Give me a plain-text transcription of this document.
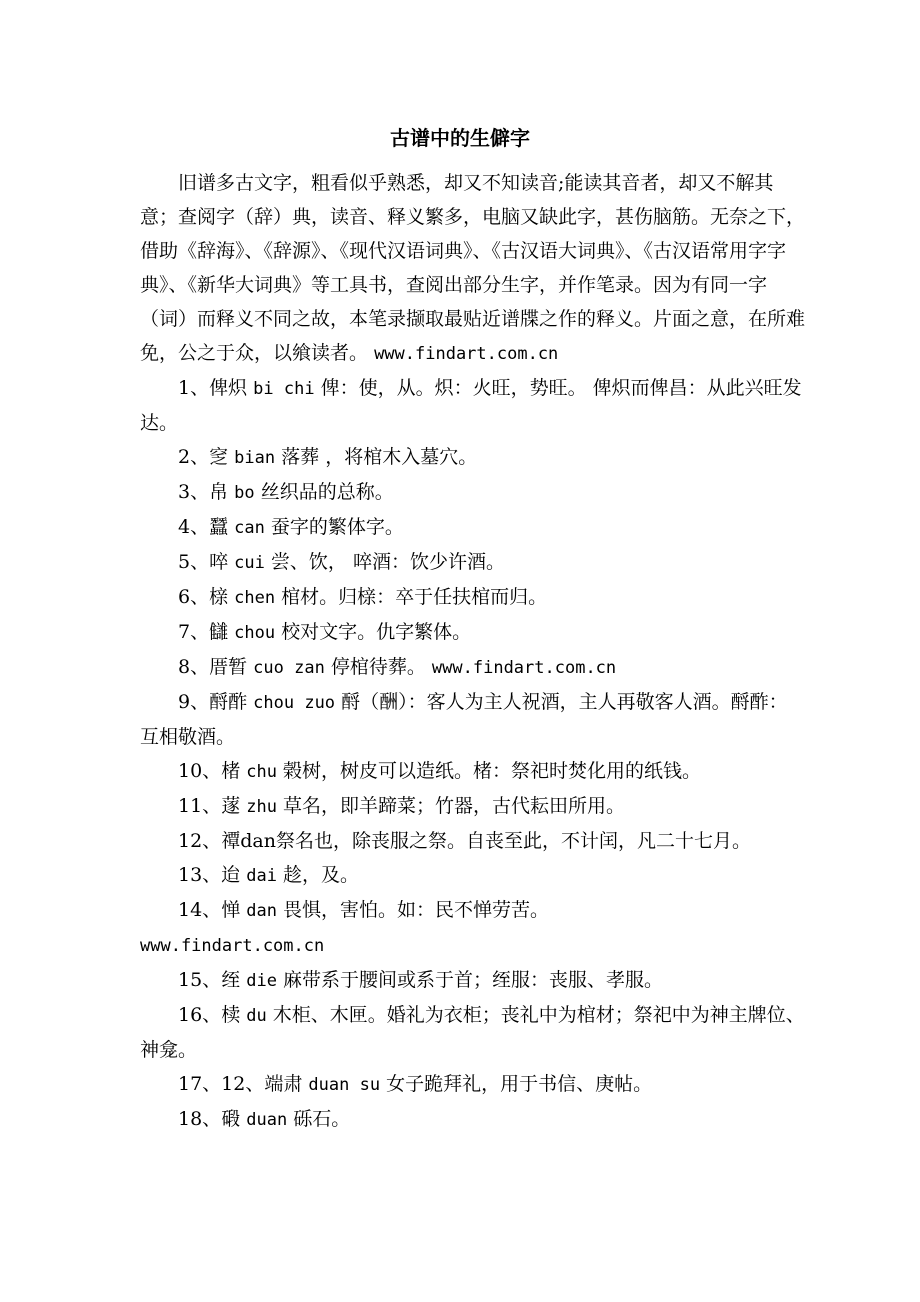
古谱中的生僻字

旧谱多古文字，粗看似乎熟悉，却又不知读音;能读其音者，却又不解其意；查阅字（辞）典，读音、释义繁多，电脑又缺此字，甚伤脑筋。无奈之下，借助《辞海》、《辞源》、《现代汉语词典》、《古汉语大词典》、《古汉语常用字字典》、《新华大词典》等工具书，查阅出部分生字，并作笔录。因为有同一字（词）而释义不同之故，本笔录撷取最贴近谱牒之作的释义。片面之意，在所难免，公之于众，以飨读者。 www.findart.com.cn

1、俾炽 bi chi 俾：使，从。炽：火旺，势旺。 俾炽而俾昌：从此兴旺发达。

2、窆 bian 落葬 ，将棺木入墓穴。

3、帛 bo 丝织品的总称。

4、蠶 can 蚕字的繁体字。

5、啐 cui 尝、饮， 啐酒：饮少许酒。

6、榇 chen 棺材。归榇：卒于任扶棺而归。

7、讎 chou 校对文字。仇字繁体。

8、厝暂 cuo zan 停棺待葬。 www.findart.com.cn

9、酹酢 chou zuo 酹（酬）：客人为主人祝酒，主人再敬客人酒。酹酢：互相敬酒。

10、楮 chu 榖树，树皮可以造纸。楮：祭祀时焚化用的纸钱。

11、蓫 zhu 草名，即羊蹄菜；竹器，古代耘田所用。

12、禫dan祭名也，除丧服之祭。自丧至此，不计闰，凡二十七月。

13、迨 dai 趁，及。

14、惮 dan 畏惧，害怕。如：民不惮劳苦。

www.findart.com.cn

15、绖 die 麻带系于腰间或系于首；绖服：丧服、孝服。

16、椟 du 木柜、木匣。婚礼为衣柜；丧礼中为棺材；祭祀中为神主牌位、神龛。

17、12、端肃 duan su 女子跪拜礼，用于书信、庚帖。

18、碫 duan 砾石。
